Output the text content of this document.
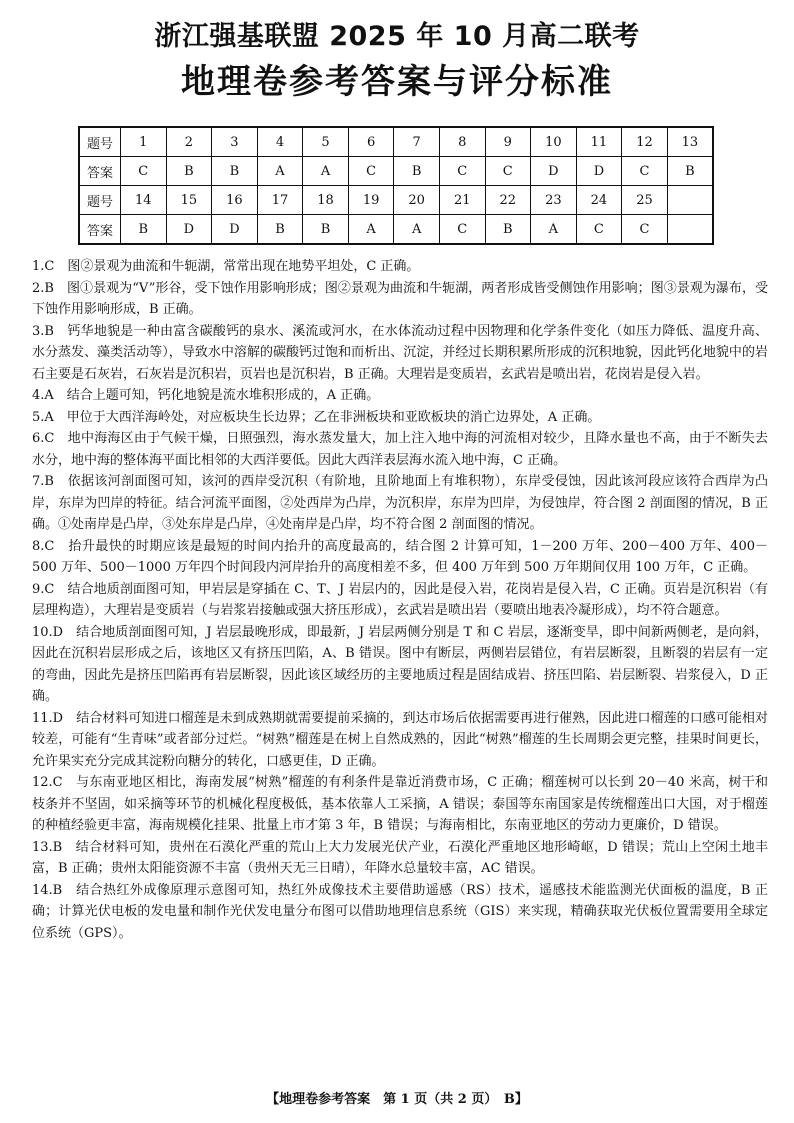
浙江强基联盟 2025 年 10 月高二联考
地理卷参考答案与评分标准
题号	1	2	3	4	5	6	7	8	9	10	11	12	13
答案	C	B	B	A	A	C	B	C	C	D	D	C	B
题号	14	15	16	17	18	19	20	21	22	23	24	25	
答案	B	D	D	B	B	A	A	C	B	A	C	C	

1.C　图②景观为曲流和牛轭湖，常常出现在地势平坦处，C 正确。

2.B　图①景观为“V”形谷，受下蚀作用影响形成；图②景观为曲流和牛轭湖，两者形成皆受侧蚀作用影响；图③景观为瀑布，受下蚀作用影响形成，B 正确。

3.B　钙华地貌是一种由富含碳酸钙的泉水、溪流或河水，在水体流动过程中因物理和化学条件变化（如压力降低、温度升高、水分蒸发、藻类活动等），导致水中溶解的碳酸钙过饱和而析出、沉淀，并经过长期积累所形成的沉积地貌，因此钙化地貌中的岩石主要是石灰岩，石灰岩是沉积岩，页岩也是沉积岩，B 正确。大理岩是变质岩，玄武岩是喷出岩，花岗岩是侵入岩。

4.A　结合上题可知，钙化地貌是流水堆积形成的，A 正确。

5.A　甲位于大西洋海岭处，对应板块生长边界；乙在非洲板块和亚欧板块的消亡边界处，A 正确。

6.C　地中海海区由于气候干燥，日照强烈，海水蒸发量大，加上注入地中海的河流相对较少，且降水量也不高，由于不断失去水分，地中海的整体海平面比相邻的大西洋要低。因此大西洋表层海水流入地中海，C 正确。

7.B　依据该河剖面图可知，该河的西岸受沉积（有阶地，且阶地面上有堆积物），东岸受侵蚀，因此该河段应该符合西岸为凸岸，东岸为凹岸的特征。结合河流平面图，②处西岸为凸岸，为沉积岸，东岸为凹岸，为侵蚀岸，符合图 2 剖面图的情况，B 正确。①处南岸是凸岸，③处东岸是凸岸，④处南岸是凸岸，均不符合图 2 剖面图的情况。

8.C　抬升最快的时期应该是最短的时间内抬升的高度最高的，结合图 2 计算可知，1－200 万年、200－400 万年、400－500 万年、500－1000 万年四个时间段内河岸抬升的高度相差不多，但 400 万年到 500 万年期间仅用 100 万年，C 正确。

9.C　结合地质剖面图可知，甲岩层是穿插在 C、T、J 岩层内的，因此是侵入岩，花岗岩是侵入岩，C 正确。页岩是沉积岩（有层理构造），大理岩是变质岩（与岩浆岩接触或强大挤压形成），玄武岩是喷出岩（要喷出地表冷凝形成），均不符合题意。

10.D　结合地质剖面图可知，J 岩层最晚形成，即最新，J 岩层两侧分别是 T 和 C 岩层，逐渐变旱，即中间新两侧老，是向斜，因此在沉积岩层形成之后，该地区又有挤压凹陷，A、B 错误。图中有断层，两侧岩层错位，有岩层断裂，且断裂的岩层有一定的弯曲，因此先是挤压凹陷再有岩层断裂，因此该区域经历的主要地质过程是固结成岩、挤压凹陷、岩层断裂、岩浆侵入，D 正确。

11.D　结合材料可知进口榴莲是未到成熟期就需要提前采摘的，到达市场后依据需要再进行催熟，因此进口榴莲的口感可能相对较差，可能有“生青味”或者部分过烂。“树熟”榴莲是在树上自然成熟的，因此“树熟”榴莲的生长周期会更完整，挂果时间更长，允许果实充分完成其淀粉向糖分的转化，口感更佳，D 正确。

12.C　与东南亚地区相比，海南发展“树熟”榴莲的有利条件是靠近消费市场，C 正确；榴莲树可以长到 20－40 米高，树干和枝条并不坚固，如采摘等环节的机械化程度极低，基本依靠人工采摘，A 错误；泰国等东南国家是传统榴莲出口大国，对于榴莲的种植经验更丰富，海南规模化挂果、批量上市才第 3 年，B 错误；与海南相比，东南亚地区的劳动力更廉价，D 错误。

13.B　结合材料可知，贵州在石漠化严重的荒山上大力发展光伏产业，石漠化严重地区地形崎岖，D 错误；荒山上空闲土地丰富，B 正确；贵州太阳能资源不丰富（贵州天无三日晴），年降水总量较丰富，AC 错误。

14.B　结合热红外成像原理示意图可知，热红外成像技术主要借助遥感（RS）技术，遥感技术能监测光伏面板的温度，B 正确；计算光伏电板的发电量和制作光伏发电量分布图可以借助地理信息系统（GIS）来实现，精确获取光伏板位置需要用全球定位系统（GPS）。

【地理卷参考答案　第 1 页（共 2 页）　B】
